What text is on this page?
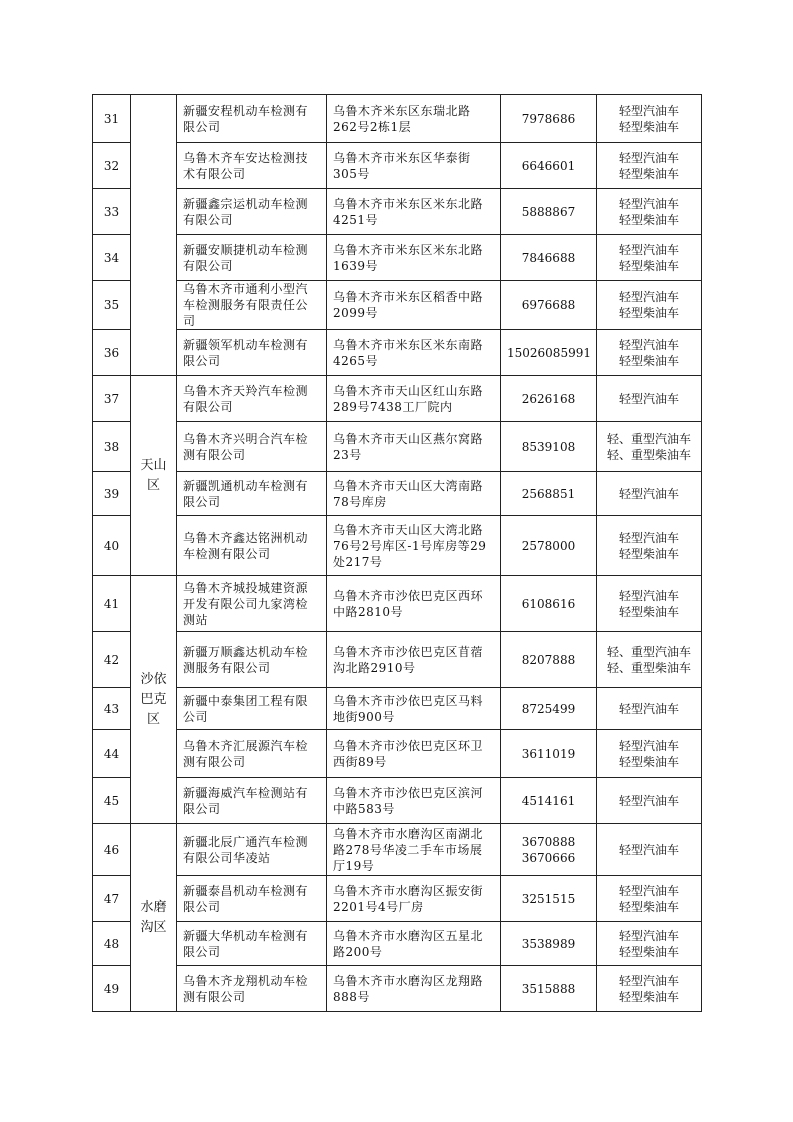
31		新疆安程机动车检测有限公司	乌鲁木齐米东区东瑞北路262号2栋1层	7978686	轻型汽油车
轻型柴油车
32		乌鲁木齐车安达检测技术有限公司	乌鲁木齐市米东区华泰街305号	6646601	轻型汽油车
轻型柴油车
33		新疆鑫宗运机动车检测有限公司	乌鲁木齐市米东区米东北路4251号	5888867	轻型汽油车
轻型柴油车
34		新疆安顺捷机动车检测有限公司	乌鲁木齐市米东区米东北路1639号	7846688	轻型汽油车
轻型柴油车
35		乌鲁木齐市通利小型汽车检测服务有限责任公司	乌鲁木齐市米东区稻香中路2099号	6976688	轻型汽油车
轻型柴油车
36		新疆领军机动车检测有限公司	乌鲁木齐市米东区米东南路4265号	15026085991	轻型汽油车
轻型柴油车
37	天山区	乌鲁木齐天羚汽车检测有限公司	乌鲁木齐市天山区红山东路289号7438工厂院内	2626168	轻型汽油车
38		乌鲁木齐兴明合汽车检测有限公司	乌鲁木齐市天山区燕尔窝路23号	8539108	轻、重型汽油车
轻、重型柴油车
39		新疆凯通机动车检测有限公司	乌鲁木齐市天山区大湾南路78号库房	2568851	轻型汽油车
40		乌鲁木齐鑫达铭洲机动车检测有限公司	乌鲁木齐市天山区大湾北路76号2号库区-1号库房等29处217号	2578000	轻型汽油车
轻型柴油车
41	沙依巴克区	乌鲁木齐城投城建资源开发有限公司九家湾检测站	乌鲁木齐市沙依巴克区西环中路2810号	6108616	轻型汽油车
轻型柴油车
42		新疆万顺鑫达机动车检测服务有限公司	乌鲁木齐市沙依巴克区苜蓿沟北路2910号	8207888	轻、重型汽油车
轻、重型柴油车
43		新疆中泰集团工程有限公司	乌鲁木齐市沙依巴克区马料地街900号	8725499	轻型汽油车
44		乌鲁木齐汇展源汽车检测有限公司	乌鲁木齐市沙依巴克区环卫西街89号	3611019	轻型汽油车
轻型柴油车
45		新疆海威汽车检测站有限公司	乌鲁木齐市沙依巴克区滨河中路583号	4514161	轻型汽油车
46	水磨沟区	新疆北辰广通汽车检测有限公司华凌站	乌鲁木齐市水磨沟区南湖北路278号华凌二手车市场展厅19号	3670888
3670666	轻型汽油车
47		新疆泰昌机动车检测有限公司	乌鲁木齐市水磨沟区振安街2201号4号厂房	3251515	轻型汽油车
轻型柴油车
48		新疆大华机动车检测有限公司	乌鲁木齐市水磨沟区五星北路200号	3538989	轻型汽油车
轻型柴油车
49		乌鲁木齐龙翔机动车检测有限公司	乌鲁木齐市水磨沟区龙翔路888号	3515888	轻型汽油车
轻型柴油车
